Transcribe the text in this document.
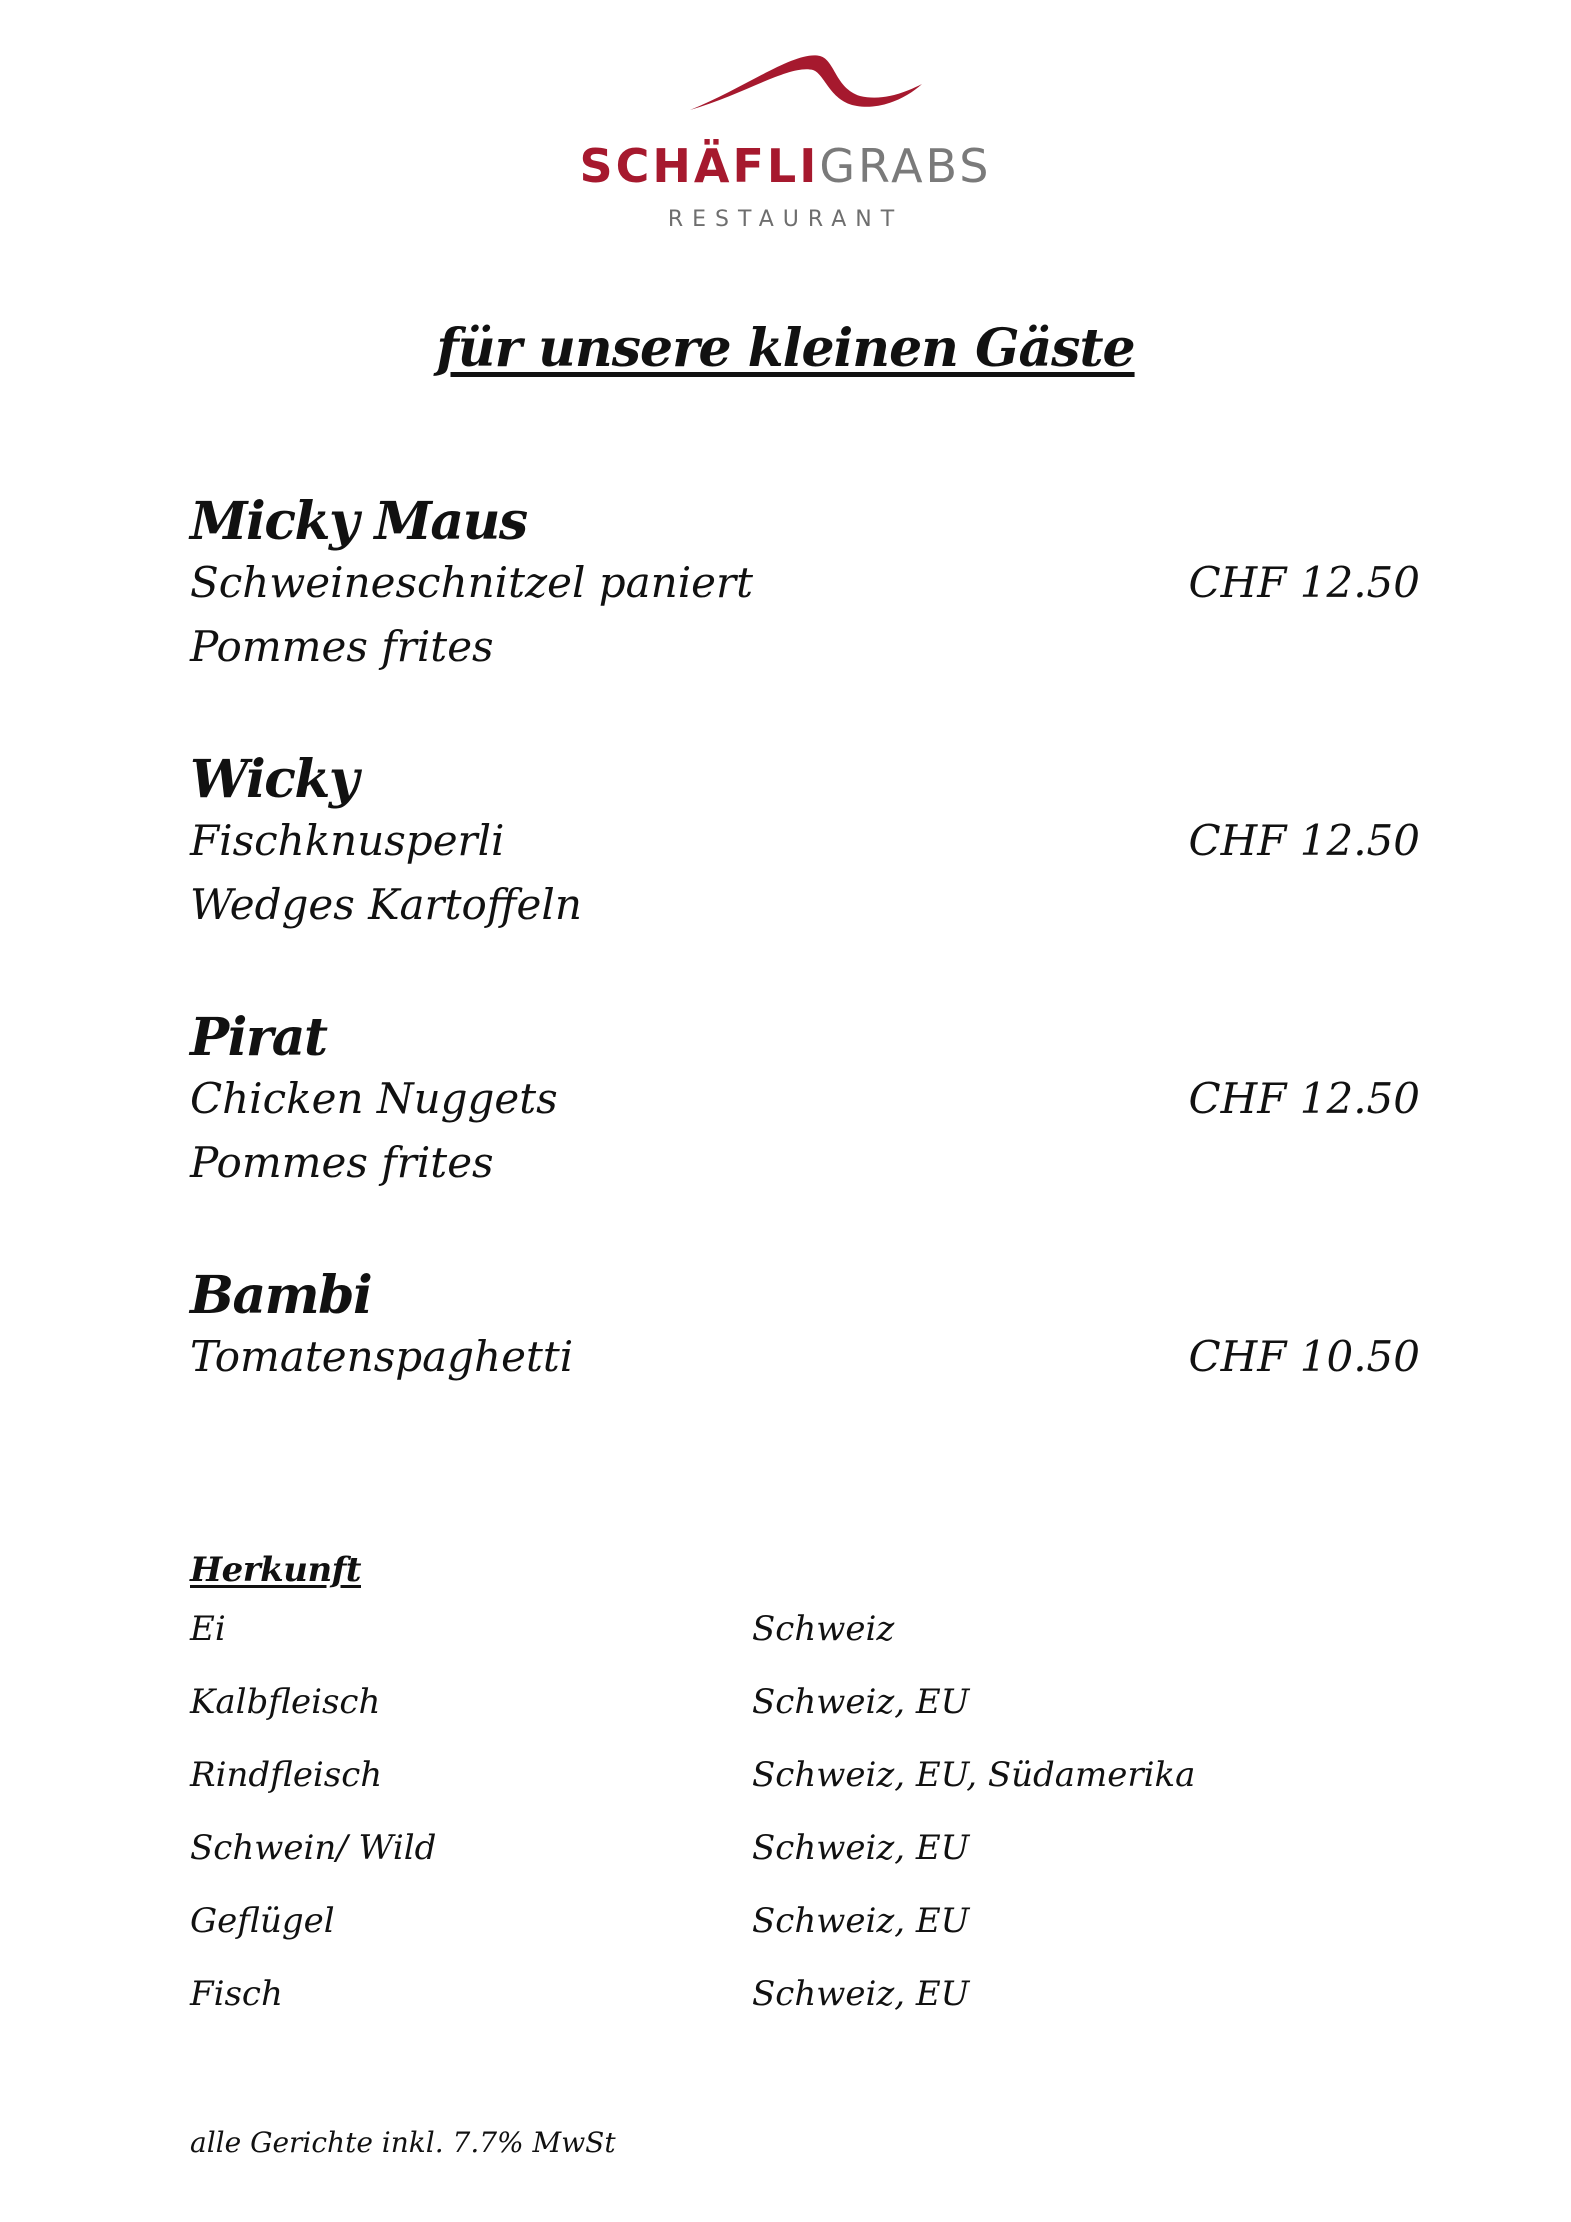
SCHÄFLIGRABS
RESTAURANT
für unsere kleinen Gäste
Micky Maus
Schweineschnitzel paniert
Pommes frites
CHF 12.50
Wicky
Fischknusperli
Wedges Kartoffeln
CHF 12.50
Pirat
Chicken Nuggets
Pommes frites
CHF 12.50
Bambi
Tomatenspaghetti	CHF 10.50
Herkunft
Ei	Schweiz
Kalbfleisch	Schweiz, EU
Rindfleisch	Schweiz, EU, Südamerika
Schwein/ Wild	Schweiz, EU
Geflügel	Schweiz, EU
Fisch	Schweiz, EU
alle Gerichte inkl. 7.7% MwSt
